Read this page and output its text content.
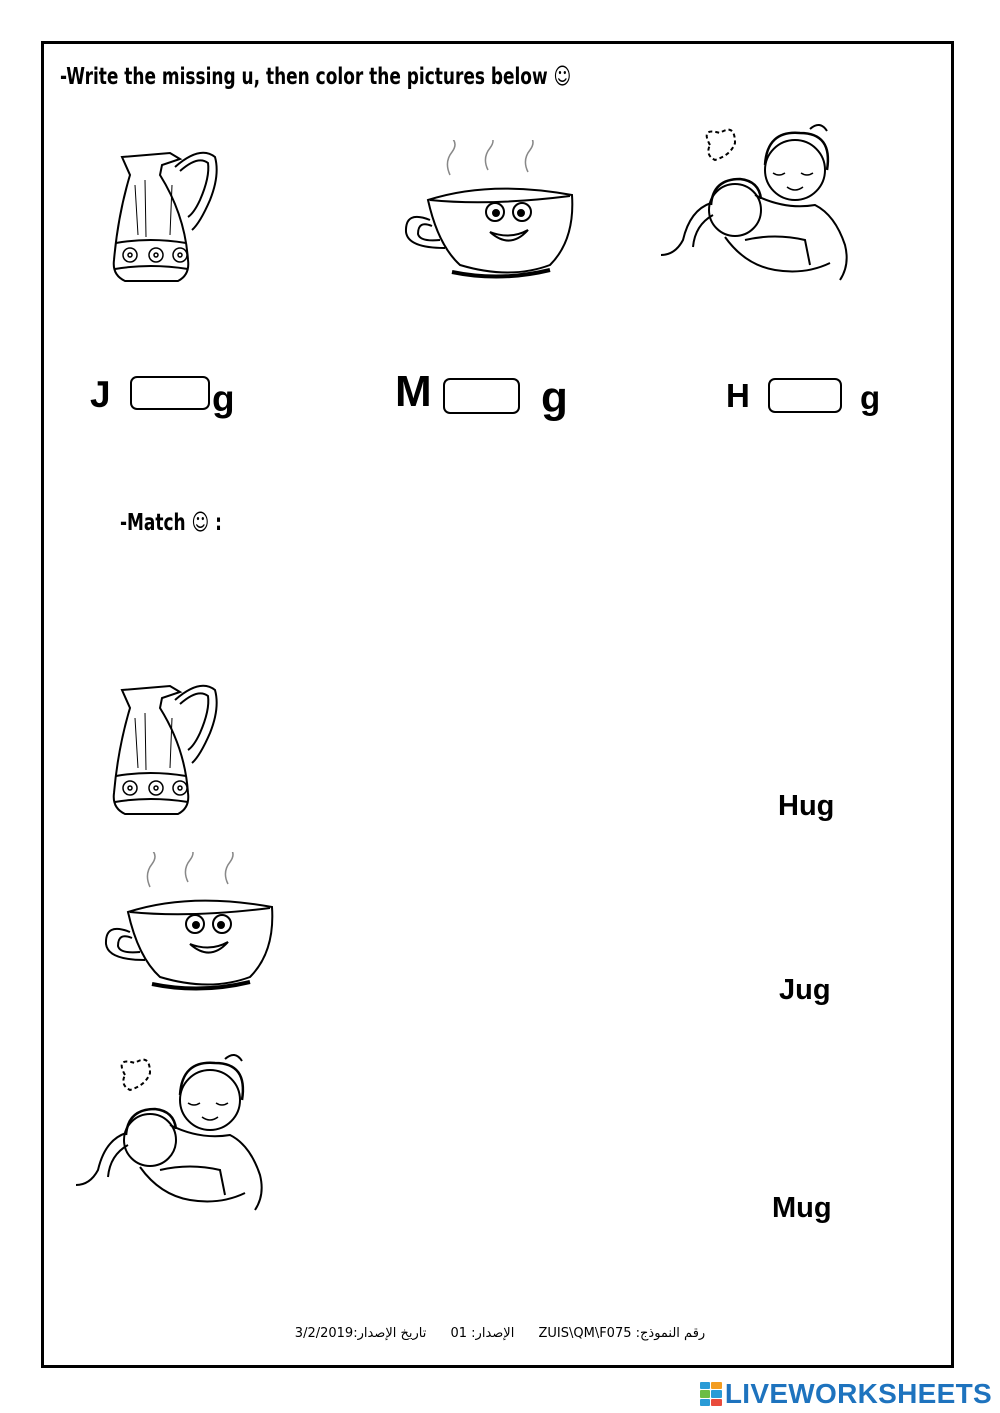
-Write the missing u, then color the pictures below ☺
J	g	M g	H	g
-Match ☺ :
Hug
Jug
Mug
رقم النموذج: ZUIS\QM\F075 الإصدار: 01 تاريخ الإصدار:3/2/2019
LIVEWORKSHEETS
